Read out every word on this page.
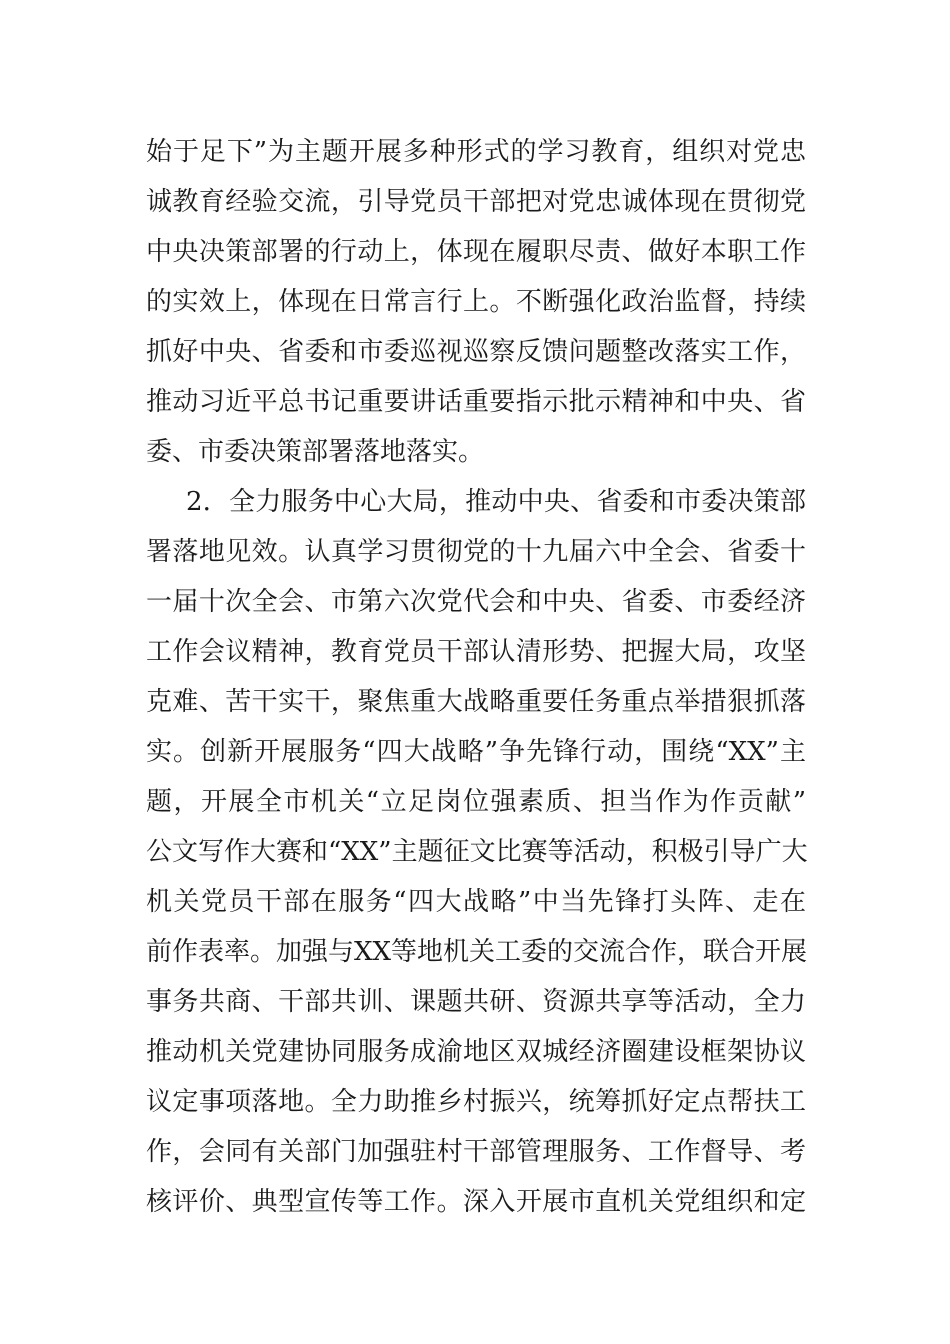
始于足下”为主题开展多种形式的学习教育，组织对党忠
诚教育经验交流，引导党员干部把对党忠诚体现在贯彻党
中央决策部署的行动上，体现在履职尽责、做好本职工作
的实效上，体现在日常言行上。不断强化政治监督，持续
抓好中央、省委和市委巡视巡察反馈问题整改落实工作，
推动习近平总书记重要讲话重要指示批示精神和中央、省
委、市委决策部署落地落实。
2．全力服务中心大局，推动中央、省委和市委决策部
署落地见效。认真学习贯彻党的十九届六中全会、省委十
一届十次全会、市第六次党代会和中央、省委、市委经济
工作会议精神，教育党员干部认清形势、把握大局，攻坚
克难、苦干实干，聚焦重大战略重要任务重点举措狠抓落
实。创新开展服务“四大战略”争先锋行动，围绕“XX”主
题，开展全市机关“立足岗位强素质、担当作为作贡献”
公文写作大赛和“XX”主题征文比赛等活动，积极引导广大
机关党员干部在服务“四大战略”中当先锋打头阵、走在
前作表率。加强与XX等地机关工委的交流合作，联合开展
事务共商、干部共训、课题共研、资源共享等活动，全力
推动机关党建协同服务成渝地区双城经济圈建设框架协议
议定事项落地。全力助推乡村振兴，统筹抓好定点帮扶工
作，会同有关部门加强驻村干部管理服务、工作督导、考
核评价、典型宣传等工作。深入开展市直机关党组织和定
